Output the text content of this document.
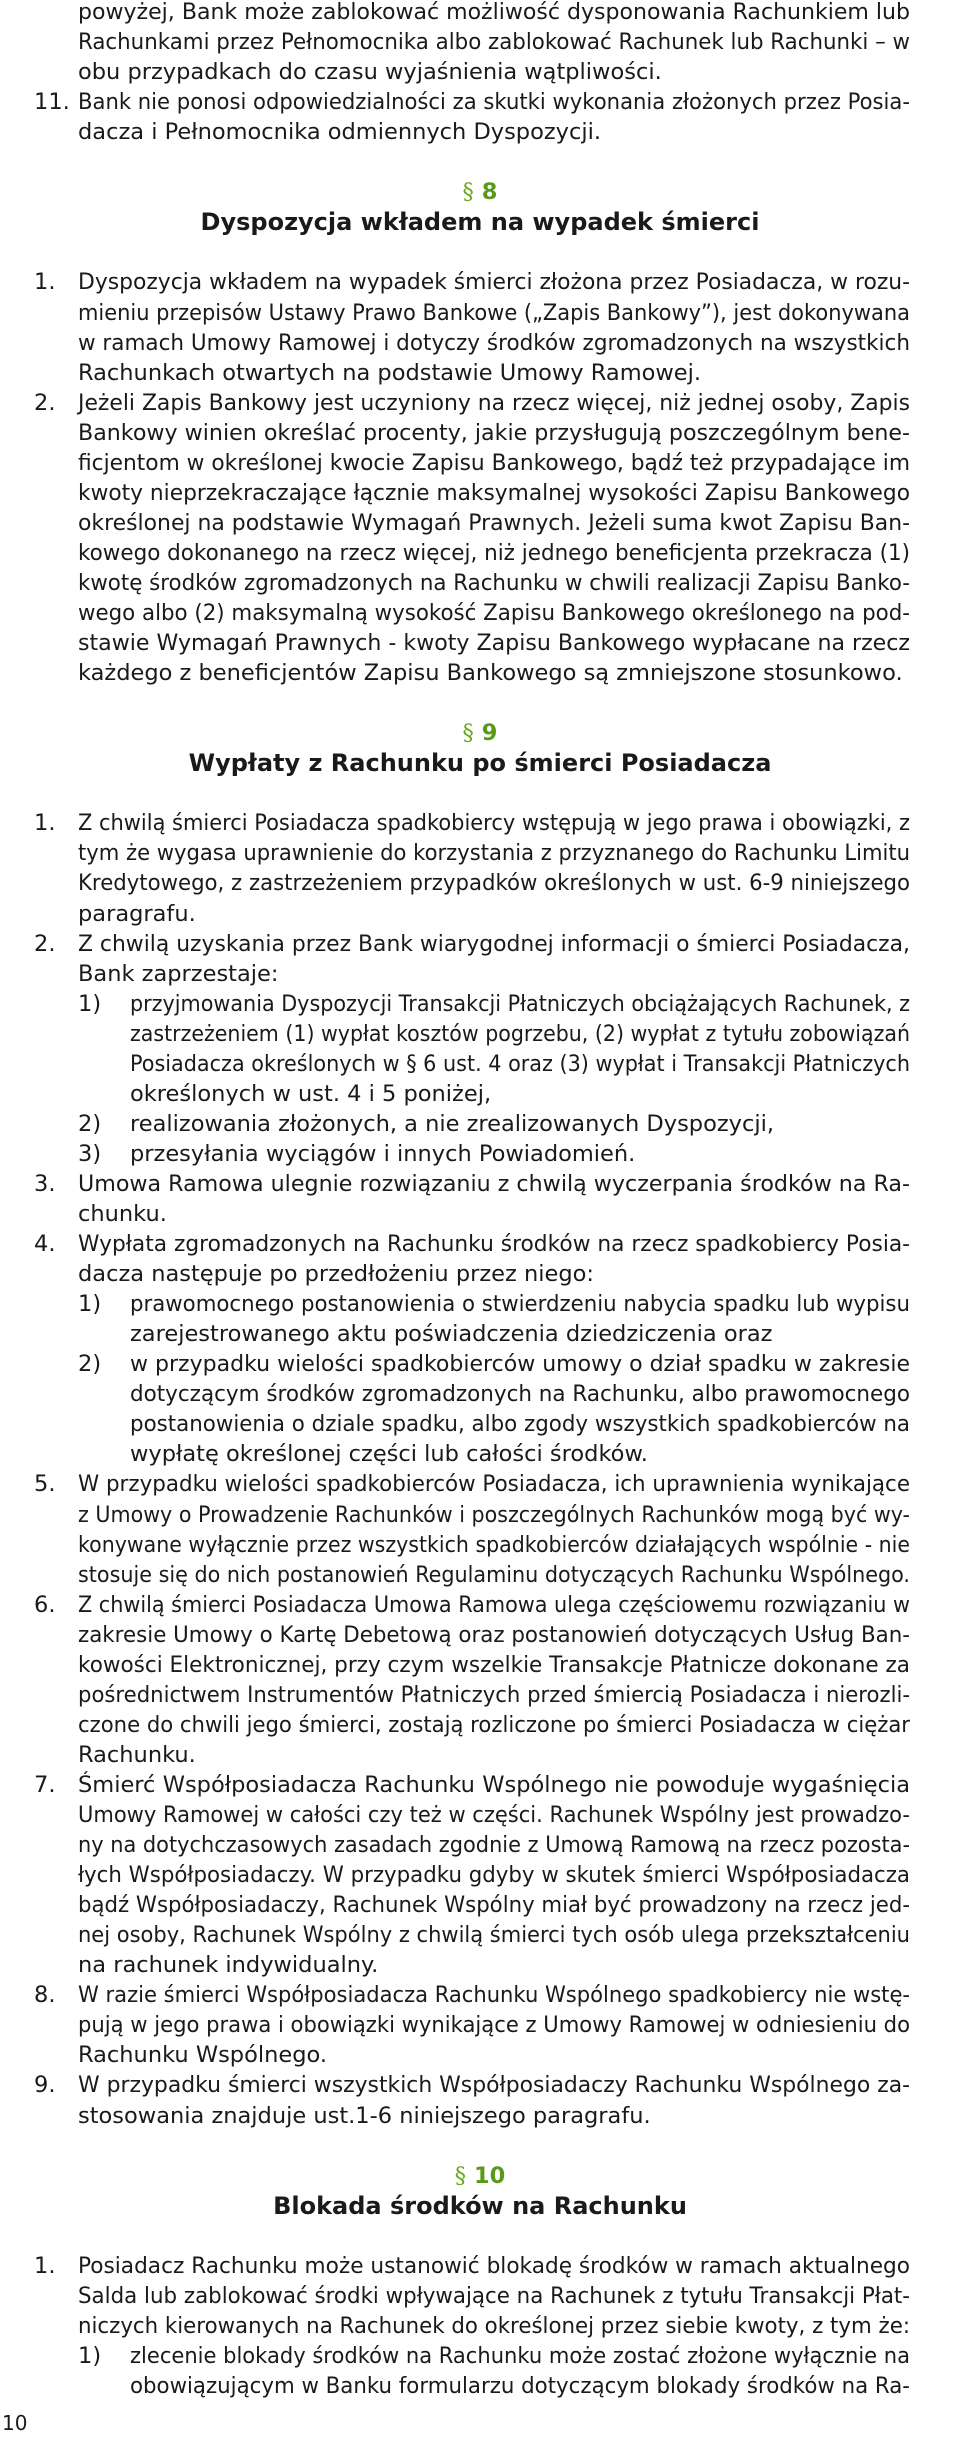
powyżej, Bank może zablokować możliwość dysponowania Rachunkiem lub
Rachunkami przez Pełnomocnika albo zablokować Rachunek lub Rachunki – w
obu przypadkach do czasu wyjaśnienia wątpliwości.
11. Bank nie ponosi odpowiedzialności za skutki wykonania złożonych przez Posia-
dacza i Pełnomocnika odmiennych Dyspozycji.
§ 8
Dyspozycja wkładem na wypadek śmierci
1. Dyspozycja wkładem na wypadek śmierci złożona przez Posiadacza, w rozu-
mieniu przepisów Ustawy Prawo Bankowe („Zapis Bankowy”), jest dokonywana
w ramach Umowy Ramowej i dotyczy środków zgromadzonych na wszystkich
Rachunkach otwartych na podstawie Umowy Ramowej.
2. Jeżeli Zapis Bankowy jest uczyniony na rzecz więcej, niż jednej osoby, Zapis
Bankowy winien określać procenty, jakie przysługują poszczególnym bene-
ficjentom w określonej kwocie Zapisu Bankowego, bądź też przypadające im
kwoty nieprzekraczające łącznie maksymalnej wysokości Zapisu Bankowego
określonej na podstawie Wymagań Prawnych. Jeżeli suma kwot Zapisu Ban-
kowego dokonanego na rzecz więcej, niż jednego beneficjenta przekracza (1)
kwotę środków zgromadzonych na Rachunku w chwili realizacji Zapisu Banko-
wego albo (2) maksymalną wysokość Zapisu Bankowego określonego na pod-
stawie Wymagań Prawnych - kwoty Zapisu Bankowego wypłacane na rzecz
każdego z beneficjentów Zapisu Bankowego są zmniejszone stosunkowo.
§ 9
Wypłaty z Rachunku po śmierci Posiadacza
1. Z chwilą śmierci Posiadacza spadkobiercy wstępują w jego prawa i obowiązki, z
tym że wygasa uprawnienie do korzystania z przyznanego do Rachunku Limitu
Kredytowego, z zastrzeżeniem przypadków określonych w ust. 6-9 niniejszego
paragrafu.
2. Z chwilą uzyskania przez Bank wiarygodnej informacji o śmierci Posiadacza,
Bank zaprzestaje:
1) przyjmowania Dyspozycji Transakcji Płatniczych obciążających Rachunek, z
zastrzeżeniem (1) wypłat kosztów pogrzebu, (2) wypłat z tytułu zobowiązań
Posiadacza określonych w § 6 ust. 4 oraz (3) wypłat i Transakcji Płatniczych
określonych w ust. 4 i 5 poniżej,
2) realizowania złożonych, a nie zrealizowanych Dyspozycji,
3) przesyłania wyciągów i innych Powiadomień.
3. Umowa Ramowa ulegnie rozwiązaniu z chwilą wyczerpania środków na Ra-
chunku.
4. Wypłata zgromadzonych na Rachunku środków na rzecz spadkobiercy Posia-
dacza następuje po przedłożeniu przez niego:
1) prawomocnego postanowienia o stwierdzeniu nabycia spadku lub wypisu
zarejestrowanego aktu poświadczenia dziedziczenia oraz
2) w przypadku wielości spadkobierców umowy o dział spadku w zakresie
dotyczącym środków zgromadzonych na Rachunku, albo prawomocnego
postanowienia o dziale spadku, albo zgody wszystkich spadkobierców na
wypłatę określonej części lub całości środków.
5. W przypadku wielości spadkobierców Posiadacza, ich uprawnienia wynikające
z Umowy o Prowadzenie Rachunków i poszczególnych Rachunków mogą być wy-
konywane wyłącznie przez wszystkich spadkobierców działających wspólnie - nie
stosuje się do nich postanowień Regulaminu dotyczących Rachunku Wspólnego.
6. Z chwilą śmierci Posiadacza Umowa Ramowa ulega częściowemu rozwiązaniu w
zakresie Umowy o Kartę Debetową oraz postanowień dotyczących Usług Ban-
kowości Elektronicznej, przy czym wszelkie Transakcje Płatnicze dokonane za
pośrednictwem Instrumentów Płatniczych przed śmiercią Posiadacza i nierozli-
czone do chwili jego śmierci, zostają rozliczone po śmierci Posiadacza w ciężar
Rachunku.
7. Śmierć Współposiadacza Rachunku Wspólnego nie powoduje wygaśnięcia
Umowy Ramowej w całości czy też w części. Rachunek Wspólny jest prowadzo-
ny na dotychczasowych zasadach zgodnie z Umową Ramową na rzecz pozosta-
łych Współposiadaczy. W przypadku gdyby w skutek śmierci Współposiadacza
bądź Współposiadaczy, Rachunek Wspólny miał być prowadzony na rzecz jed-
nej osoby, Rachunek Wspólny z chwilą śmierci tych osób ulega przekształceniu
na rachunek indywidualny.
8. W razie śmierci Współposiadacza Rachunku Wspólnego spadkobiercy nie wstę-
pują w jego prawa i obowiązki wynikające z Umowy Ramowej w odniesieniu do
Rachunku Wspólnego.
9. W przypadku śmierci wszystkich Współposiadaczy Rachunku Wspólnego za-
stosowania znajduje ust.1-6 niniejszego paragrafu.
§ 10
Blokada środków na Rachunku
1. Posiadacz Rachunku może ustanowić blokadę środków w ramach aktualnego
Salda lub zablokować środki wpływające na Rachunek z tytułu Transakcji Płat-
niczych kierowanych na Rachunek do określonej przez siebie kwoty, z tym że:
1) zlecenie blokady środków na Rachunku może zostać złożone wyłącznie na
obowiązującym w Banku formularzu dotyczącym blokady środków na Ra-
10
